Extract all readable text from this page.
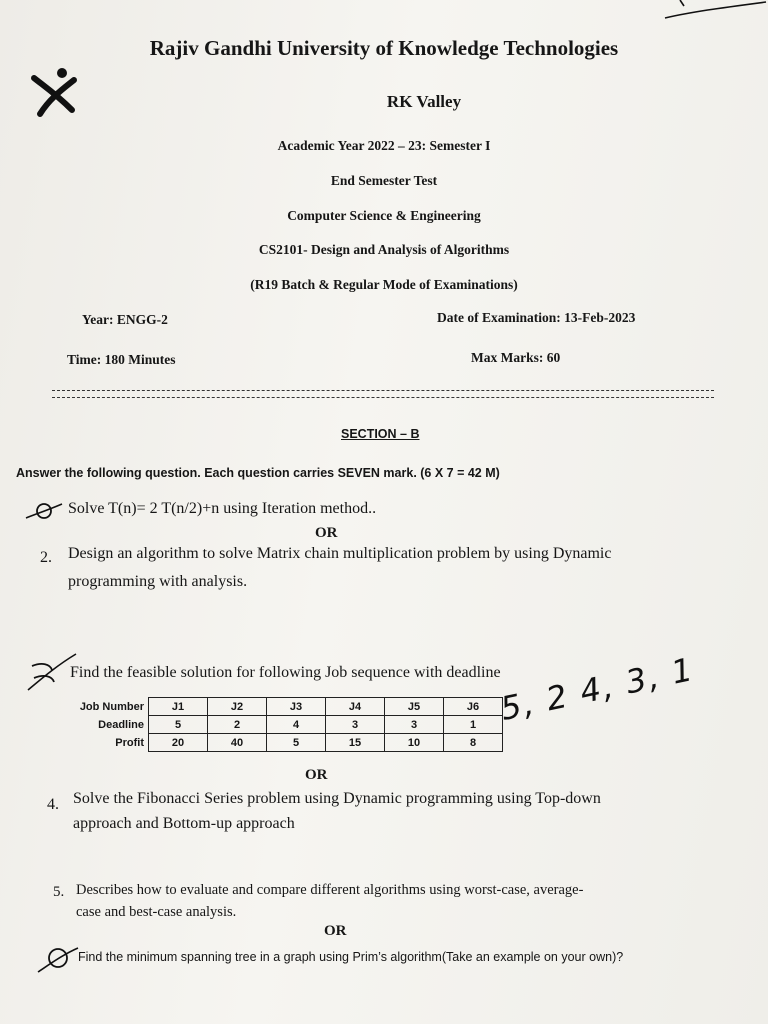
Rajiv Gandhi University of Knowledge Technologies
RK Valley
Academic Year 2022 – 23: Semester I
End Semester Test
Computer Science & Engineering
CS2101- Design and Analysis of Algorithms
(R19 Batch & Regular Mode of Examinations)
Year: ENGG-2	Date of Examination: 13-Feb-2023
Time: 180 Minutes	Max Marks: 60
SECTION – B
Answer the following question. Each question carries SEVEN mark. (6 X 7 = 42 M)
Solve T(n)= 2 T(n/2)+n using Iteration method..
OR
2. Design an algorithm to solve Matrix chain multiplication problem by using Dynamic
programming with analysis.
Find the feasible solution for following Job sequence with deadline
Job Number	J1	J2	J3	J4	J5	J6
Deadline	5	2	4	3	3	1
Profit	20	40	5	15	10	8
5, 2 4, 3, 1
OR
4. Solve the Fibonacci Series problem using Dynamic programming using Top-down
approach and Bottom-up approach
5. Describes how to evaluate and compare different algorithms using worst-case, average-
case and best-case analysis.
OR
Find the minimum spanning tree in a graph using Prim’s algorithm(Take an example on your own)?
